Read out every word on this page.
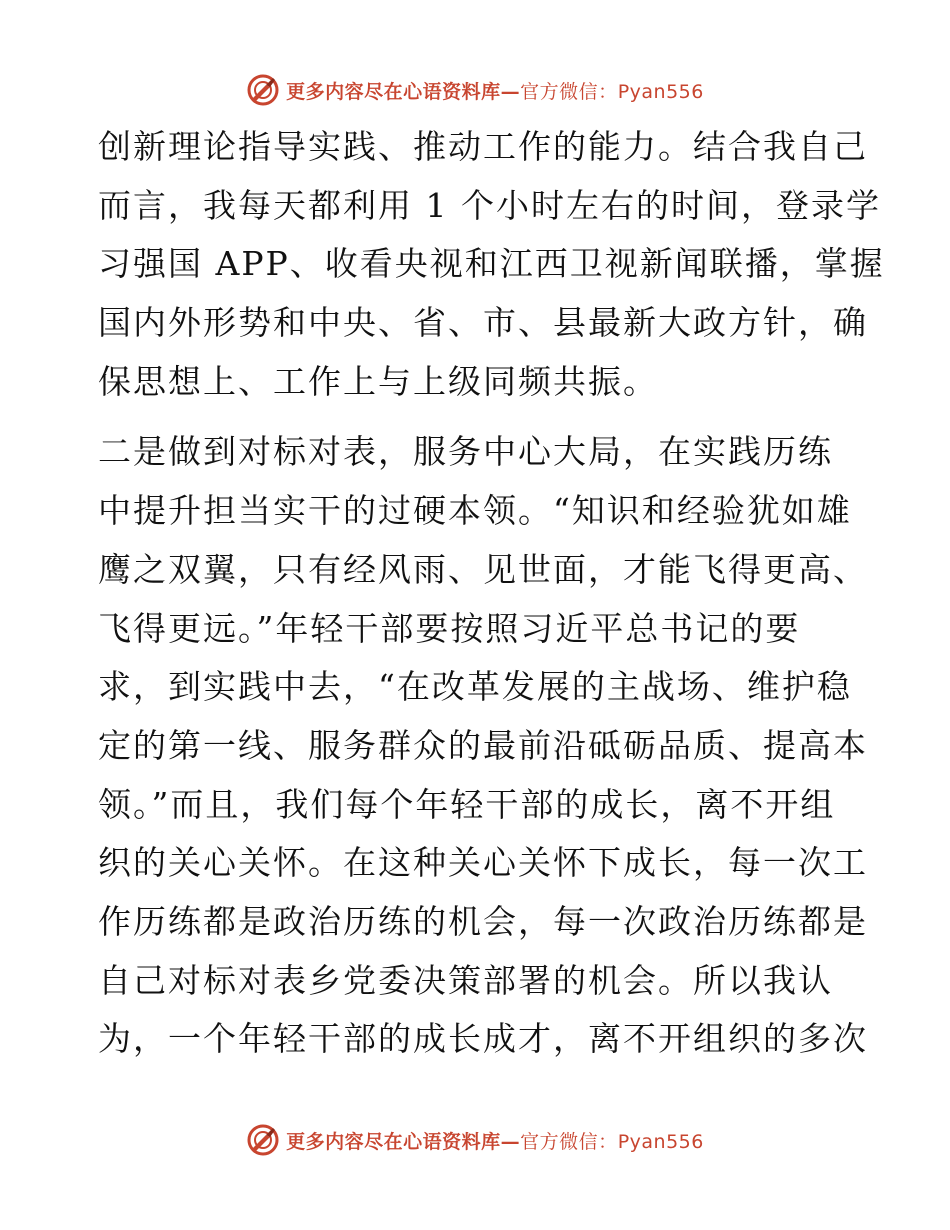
更多内容尽在心语资料库—官方微信：Pyan556
创新理论指导实践、推动工作的能力。结合我自己
而言，我每天都利用 1 个小时左右的时间，登录学
习强国 APP、收看央视和江西卫视新闻联播，掌握
国内外形势和中央、省、市、县最新大政方针，确
保思想上、工作上与上级同频共振。
二是做到对标对表，服务中心大局，在实践历练
中提升担当实干的过硬本领。“知识和经验犹如雄
鹰之双翼，只有经风雨、见世面，才能飞得更高、
飞得更远。”年轻干部要按照习近平总书记的要
求，到实践中去，“在改革发展的主战场、维护稳
定的第一线、服务群众的最前沿砥砺品质、提高本
领。”而且，我们每个年轻干部的成长，离不开组
织的关心关怀。在这种关心关怀下成长，每一次工
作历练都是政治历练的机会，每一次政治历练都是
自己对标对表乡党委决策部署的机会。所以我认
为，一个年轻干部的成长成才，离不开组织的多次
更多内容尽在心语资料库—官方微信：Pyan556
